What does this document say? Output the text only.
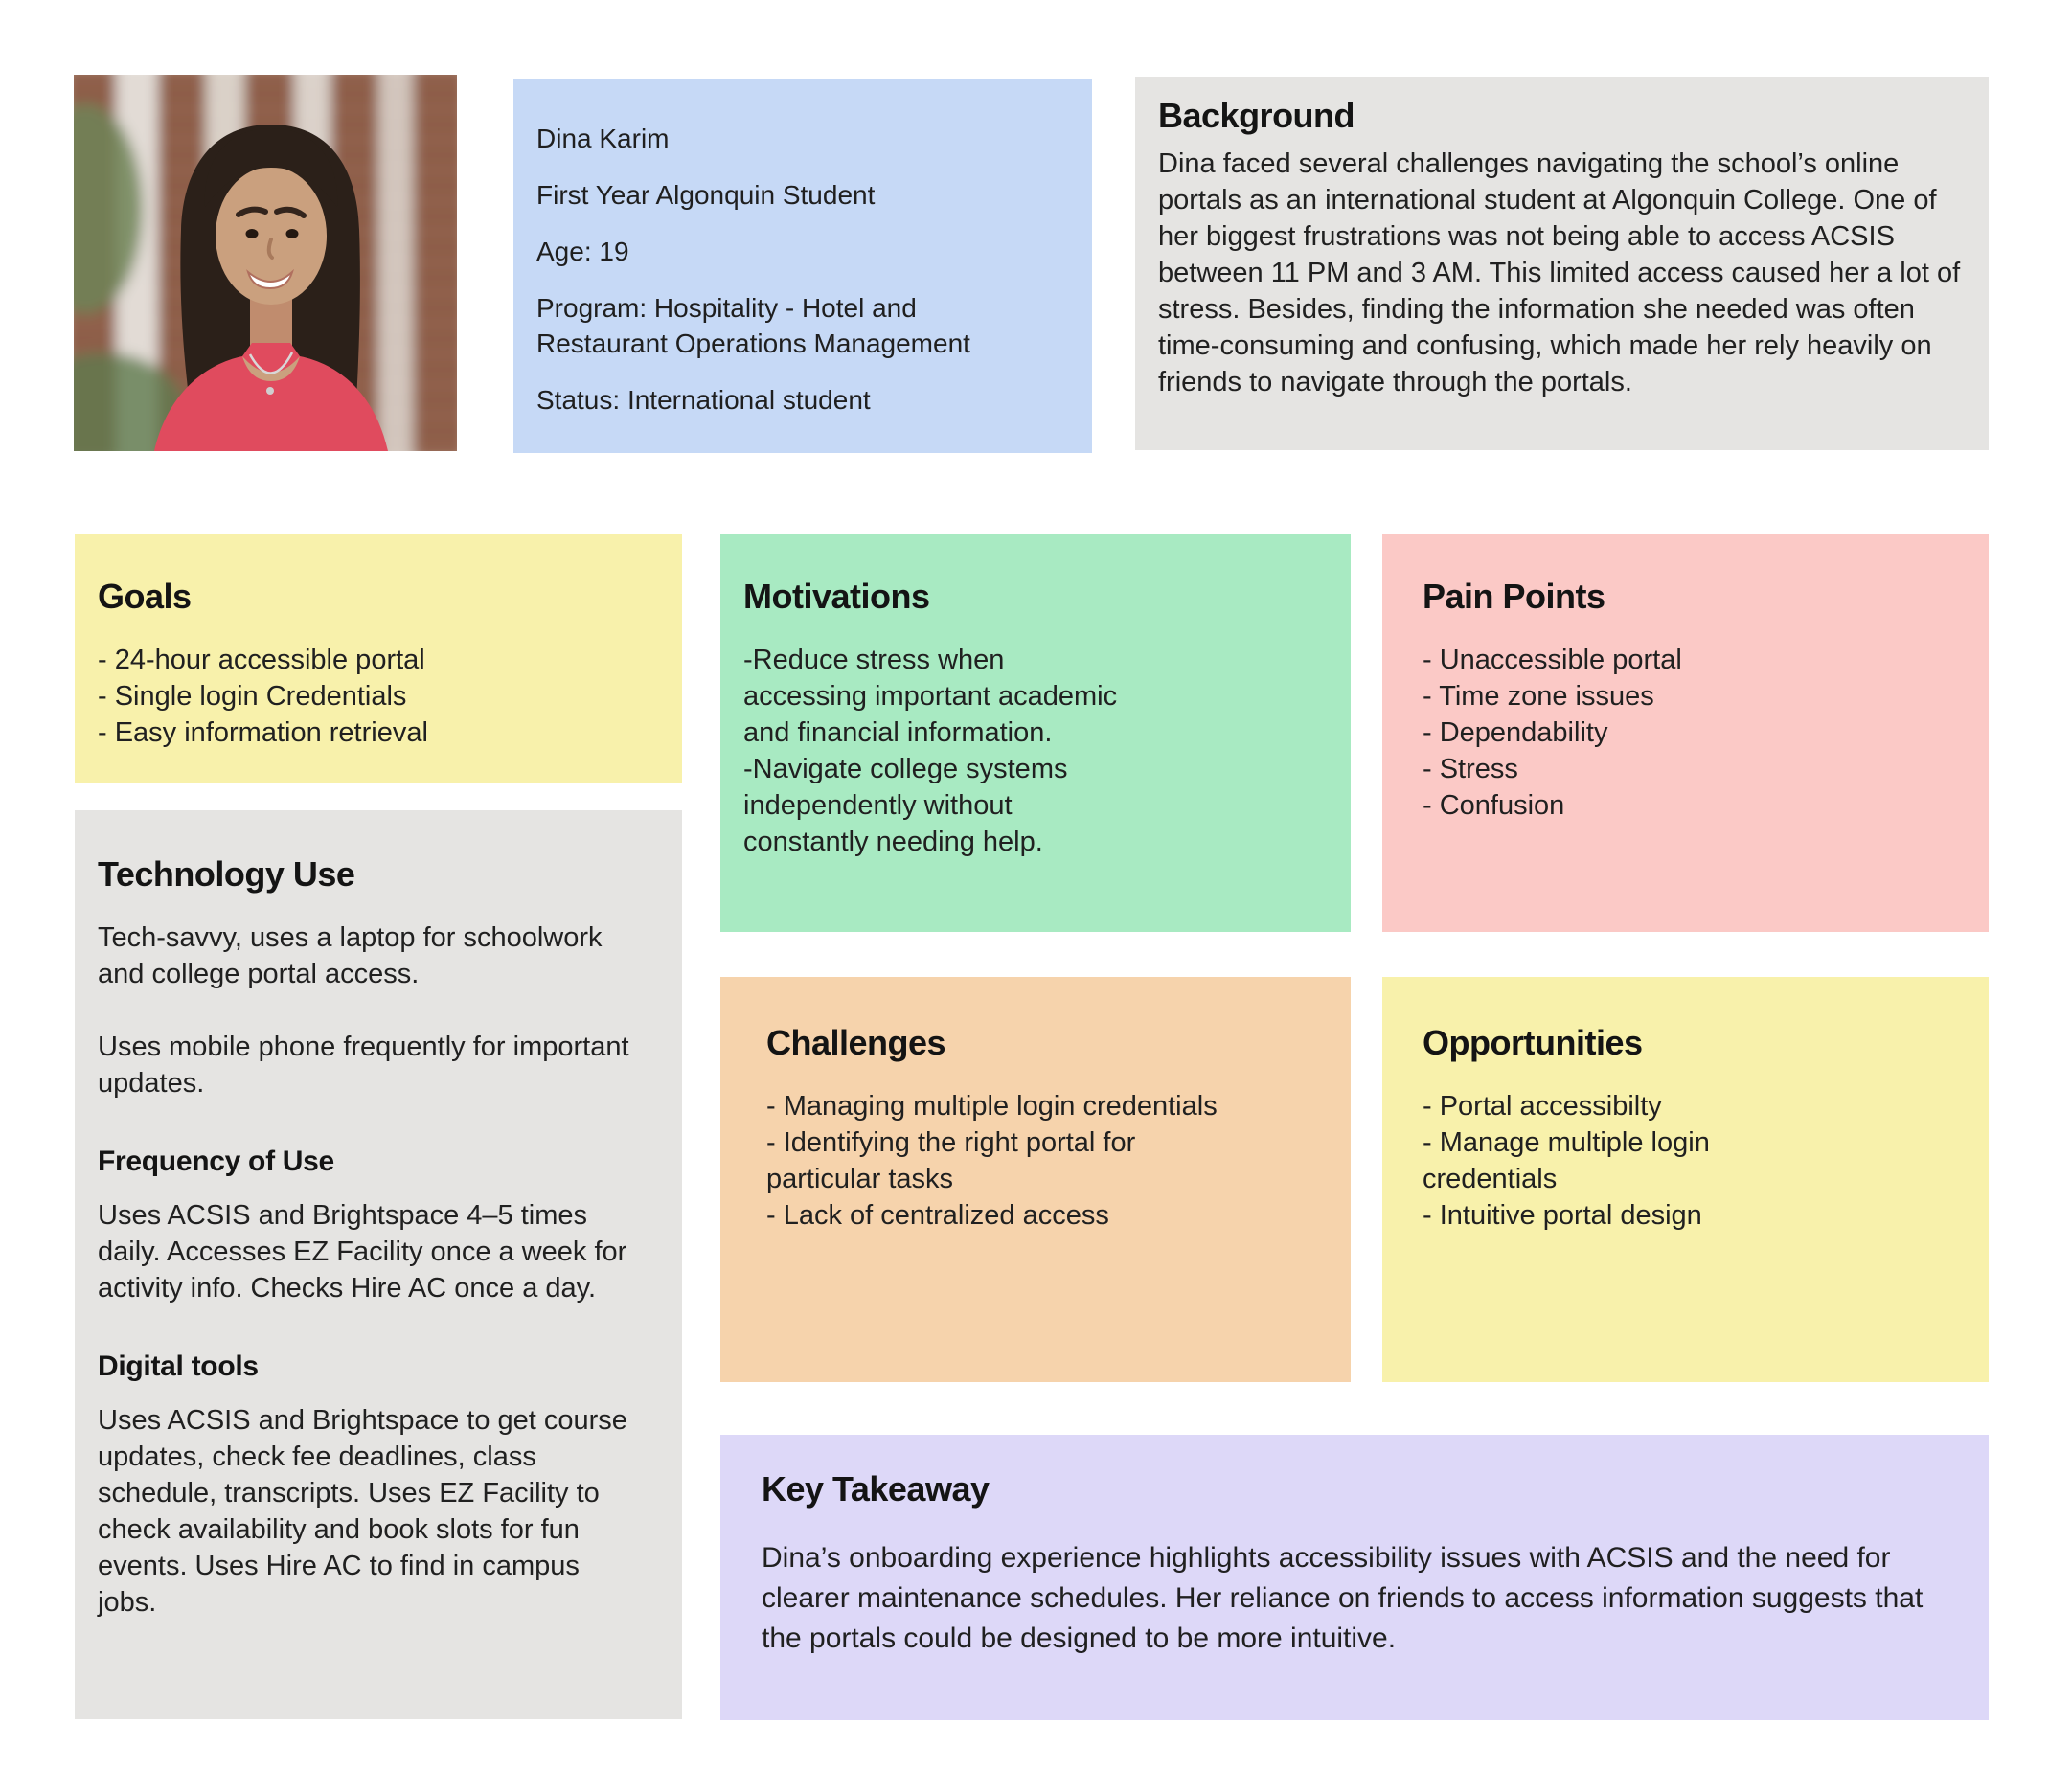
Dina Karim

First Year Algonquin Student

Age: 19

Program: Hospitality - Hotel and Restaurant Operations Management

Status: International student

Background

Dina faced several challenges navigating the school’s online portals as an international student at Algonquin College. One of her biggest frustrations was not being able to access ACSIS between 11 PM and 3 AM. This limited access caused her a lot of stress. Besides, finding the information she needed was often time-consuming and confusing, which made her rely heavily on friends to navigate through the portals.

Goals
- 24-hour accessible portal
- Single login Credentials
- Easy information retrieval
Motivations
-Reduce stress when accessing important academic and financial information.
-Navigate college systems independently without constantly needing help.
Pain Points
- Unaccessible portal
- Time zone issues
- Dependability
- Stress
- Confusion
Technology Use

Tech-savvy, uses a laptop for schoolwork and college portal access.

Uses mobile phone frequently for important updates.

Frequency of Use

Uses ACSIS and Brightspace 4–5 times daily. Accesses EZ Facility once a week for activity info. Checks Hire AC once a day.

Digital tools

Uses ACSIS and Brightspace to get course updates, check fee deadlines, class schedule, transcripts. Uses EZ Facility to check availability and book slots for fun events. Uses Hire AC to find in campus jobs.

Challenges
- Managing multiple login credentials
- Identifying the right portal for particular tasks
- Lack of centralized access
Opportunities
- Portal accessibilty
- Manage multiple login credentials
- Intuitive portal design
Key Takeaway

Dina’s onboarding experience highlights accessibility issues with ACSIS and the need for clearer maintenance schedules. Her reliance on friends to access information suggests that the portals could be designed to be more intuitive.
